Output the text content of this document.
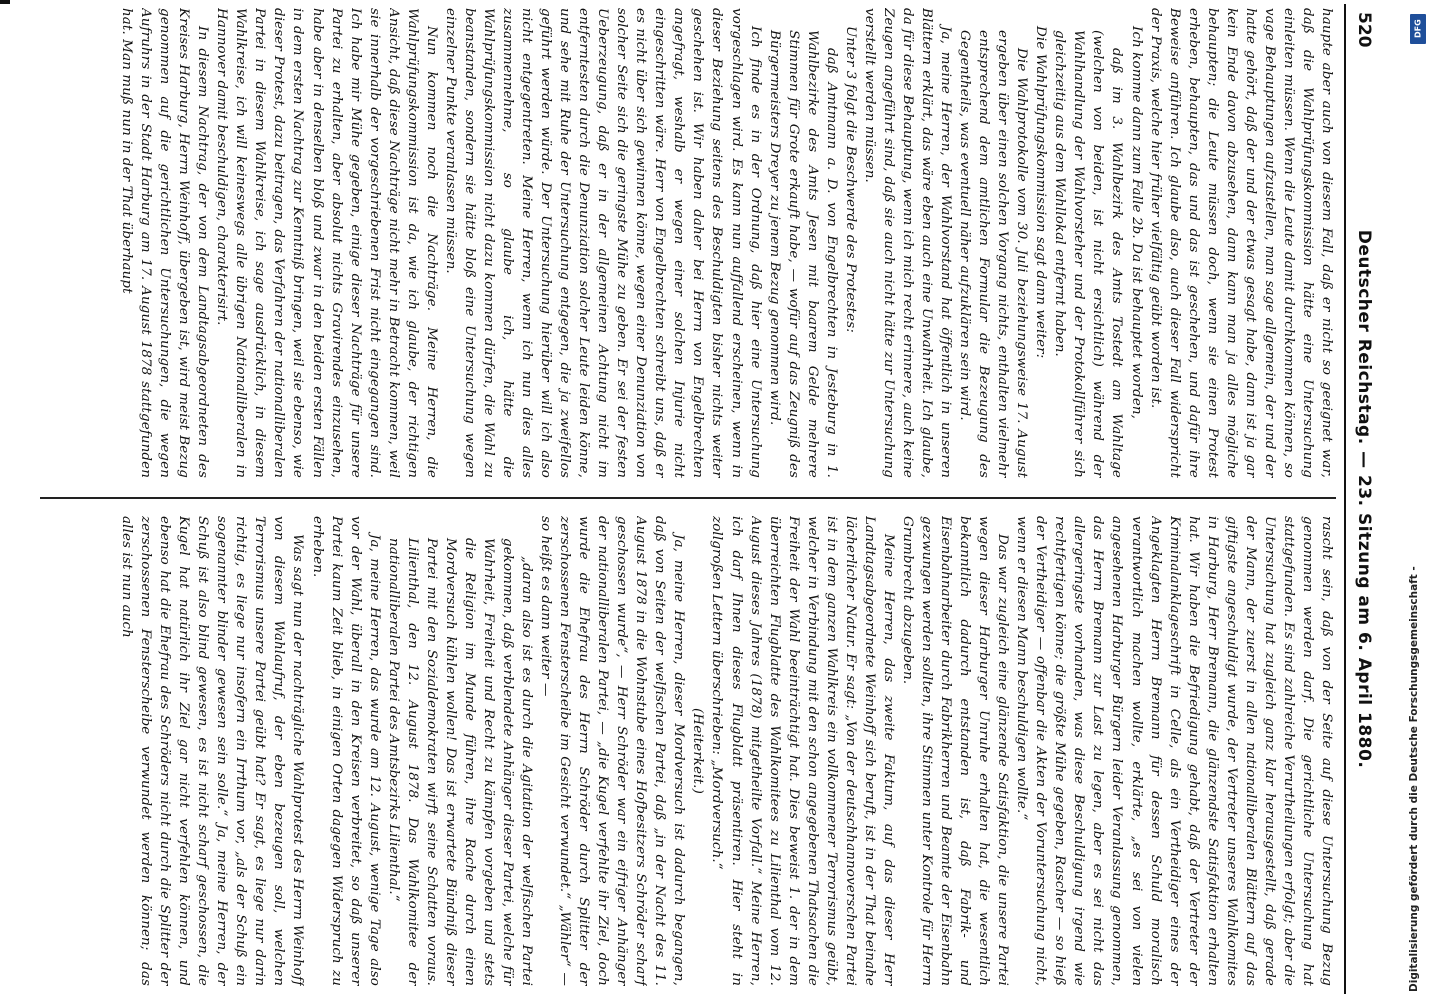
520
Deutscher Reichstag. — 23. Sitzung am 6. April 1880.

haupte aber auch von diesem Fall, daß er nicht so geeignet war, daß die Wahlprüfungskommission hätte eine Untersuchung einleiten müssen. Wenn die Leute damit durchkommen können, so vage Behauptungen aufzustellen, man sage allgemein, der und der hatte gehört, daß der und der etwas gesagt habe, dann ist ja gar kein Ende davon abzusehen, dann kann man ja alles mögliche behaupten; die Leute müssen doch, wenn sie einen Protest erheben, behaupten, das und das ist geschehen, und dafür ihre Beweise anführen. Ich glaube also, auch dieser Fall widerspricht der Praxis, welche hier früher vielfältig geübt worden ist.

Ich komme dann zum Falle 2b. Da ist behauptet worden,

daß im 3. Wahlbezirk des Amts Tostedt am Wahltage (welchen von beiden, ist nicht ersichtlich) während der Wahlhandlung der Wahlvorsteher und der Protokollführer sich gleichzeitig aus dem Wahllokal entfernt haben.

Die Wahlprüfungskommission sagt dann weiter:

Die Wahlprotokolle vom 30. Juli beziehungsweise 17. August ergeben über einen solchen Vorgang nichts, enthalten vielmehr entsprechend dem amtlichen Formular die Bezeugung des Gegentheils, was eventuell näher aufzuklären sein wird.

Ja, meine Herren, der Wahlvorstand hat öffentlich in unseren Blättern erklärt, das wäre eben auch eine Unwahrheit. Ich glaube, da für diese Behauptung, wenn ich mich recht erinnere, auch keine Zeugen angeführt sind, daß sie auch nicht hätte zur Untersuchung verstellt werden müssen.

Unter 3 folgt die Beschwerde des Protestes:

daß Amtmann a. D. von Engelbrechten in Jesteburg in 1. Wahlbezirke des Amts Jesen mit baarem Gelde mehrere Stimmen für Grote erkauft habe, — wofür auf das Zeugniß des Bürgermeisters Dreyer zu jenem Bezug genommen wird.

Ich finde es in der Ordnung, daß hier eine Untersuchung vorgeschlagen wird. Es kann nun auffallend erscheinen, wenn in dieser Beziehung seitens des Beschuldigten bisher nichts weiter geschehen ist. Wir haben daher bei Herrn von Engelbrechten angefragt, weshalb er wegen einer solchen Injurie nicht eingeschritten wäre. Herr von Engelbrechten schreibt uns, daß er es nicht über sich gewinnen könne, wegen einer Denunziation von solcher Seite sich die geringste Mühe zu geben. Er sei der festen Ueberzeugung, daß er in der allgemeinen Achtung nicht im entferntesten durch die Denunziation solcher Leute leiden könne, und sehe mit Ruhe der Untersuchung entgegen, die ja zweifellos geführt werden würde. Der Untersuchung hierüber will ich also nicht entgegentreten. Meine Herren, wenn ich nun dies alles zusammennehme, so glaube ich, hätte die Wahlprüfungskommission nicht dazu kommen dürfen, die Wahl zu beanstanden, sondern sie hätte bloß eine Untersuchung wegen einzelner Punkte veranlassen müssen.

Nun kommen noch die Nachträge. Meine Herren, die Wahlprüfungskommission ist da, wie ich glaube, der richtigen Ansicht, daß diese Nachträge nicht mehr in Betracht kommen, weil sie innerhalb der vorgeschriebenen Frist nicht eingegangen sind. Ich habe mir Mühe gegeben, einige dieser Nachträge für unsere Partei zu erhalten, aber absolut nichts Gravirendes einzusehen, habe aber in denselben bloß und zwar in den beiden ersten Fällen in dem ersten Nachtrag zur Kenntniß bringen, weil sie ebenso, wie dieser Protest, dazu beitragen, das Verfahren der nationalliberalen Partei in diesem Wahlkreise, ich sage ausdrücklich, in diesem Wahlkreise, ich will keineswegs alle übrigen Nationalliberalen in Hannover damit beschuldigen, charakterisirt.

In diesem Nachtrag, der von dem Landtagsabgeordneten des Kreises Harburg, Herrn Weinhoff, übergeben ist, wird meist Bezug genommen auf die gerichtlichen Untersuchungen, die wegen Aufruhrs in der Stadt Harburg am 17. August 1878 stattgefunden hat. Man muß nun in der That überhaupt

rascht sein, daß von der Seite auf diese Untersuchung Bezug genommen werden darf. Die gerichtliche Untersuchung hat stattgefunden. Es sind zahlreiche Verurtheilungen erfolgt; aber die Untersuchung hat zugleich ganz klar herausgestellt, daß gerade der Mann, der zuerst in allen nationalliberalen Blättern auf das giftigste angeschuldigt wurde, der Vertreter unseres Wahlkomites in Harburg, Herr Bremann, die glänzendste Satisfaktion erhalten hat. Wir haben die Befriedigung gehabt, daß der Vertreter der Kriminalanklageschrift in Celle, als ein Vertheidiger eines der Angeklagten Herrn Bremann für dessen Schuld moralisch verantwortlich machen wollte, erklärte, „es sei von vielen angesehenen Harburger Bürgern leider Veranlassung genommen, das Herrn Bremann zur Last zu legen, aber es sei nicht das allergeringste vorhanden, was diese Beschuldigung irgend wie rechtfertigen könne; die größte Mühe gegeben, Rascher — so hieß der Vertheidiger — offenbar die Akten der Voruntersuchung nicht, wenn er diesen Mann beschuldigen wollte.“

Das war zugleich eine glänzende Satisfaktion, die unsere Partei wegen dieser Harburger Unruhe erhalten hat, die wesentlich bekanntlich dadurch entstanden ist, daß Fabrik- und Eisenbahnarbeiter durch Fabrikherren und Beamte der Eisenbahn gezwungen werden sollten, ihre Stimmen unter Kontrole für Herrn Grumbrecht abzugeben.

Meine Herren, das zweite Faktum, auf das dieser Herr Landtagsabgeordnete Weinhoff sich beruft, ist in der That beinahe lächerlicher Natur. Er sagt: „Von der deutschhannoverschen Partei ist in dem ganzen Wahlkreis ein vollkommener Terrorismus geübt, welcher in Verbindung mit den schon angegebenen Thatsachen die Freiheit der Wahl beeinträchtigt hat. Dies beweist 1. der in dem überreichten Flugblatte des Wahlkomitees zu Lilienthal vom 12. August dieses Jahres (1878) mitgetheilte Vorfall.“ Meine Herren, ich darf Ihnen dieses Flugblatt präsentiren. Hier steht in zollgroßen Lettern überschrieben: „Mordversuch.“

(Heiterkeit.)

Ja, meine Herren, dieser Mordversuch ist dadurch begangen, daß von Seiten der welfischen Partei, daß „in der Nacht des 11. August 1878 in die Wohnstube eines Hofbesitzers Schröder scharf geschossen wurde“, — Herr Schröder war ein eifriger Anhänger der nationalliberalen Partei, — „die Kugel verfehlte ihr Ziel, doch wurde die Ehefrau des Herrn Schröder durch Splitter der zerschossenen Fensterscheibe im Gesicht verwundet.“ „Wähler“ — so heißt es dann weiter —

„daran also ist es durch die Agitation der welfischen Partei gekommen, daß verblendete Anhänger dieser Partei, welche für Wahrheit, Freiheit und Recht zu kämpfen vorgeben und stets die Religion im Munde führen, ihre Rache durch einen Mordversuch kühlen wollen! Das ist erwartete Bündniß dieser Partei mit den Sozialdemokraten wirft seine Schatten voraus. Lilienthal, den 12. August 1878. Das Wahlkomitee der nationalliberalen Partei des Amtsbezirks Lilienthal.“

Ja, meine Herren, das wurde am 12. August, wenige Tage also vor der Wahl, überall in den Kreisen verbreitet, so daß unserer Partei kaum Zeit blieb, in einigen Orten dagegen Widerspruch zu erheben.

Was sagt nun der nachträgliche Wahlprotest des Herrn Weinhoff von diesem Wahlaufruf, der eben bezeugen soll, welchen Terrorismus unsere Partei geübt hat? Er sagt, es liege nur darin richtig, es liege nur insofern ein Irrthum vor, „als der Schuß ein sogenannter blinder gewesen sein solle.“ Ja, meine Herren, der Schuß ist also blind gewesen, es ist nicht scharf geschossen, die Kugel hat natürlich ihr Ziel gar nicht verfehlen können, und ebenso hat die Ehefrau des Schröders nicht durch die Splitter der zerschossenen Fensterscheibe verwundet werden können; das alles ist nun auch	Digitalisierung gefördert durch die Deutsche Forschungsgemeinschaft -
DFG
